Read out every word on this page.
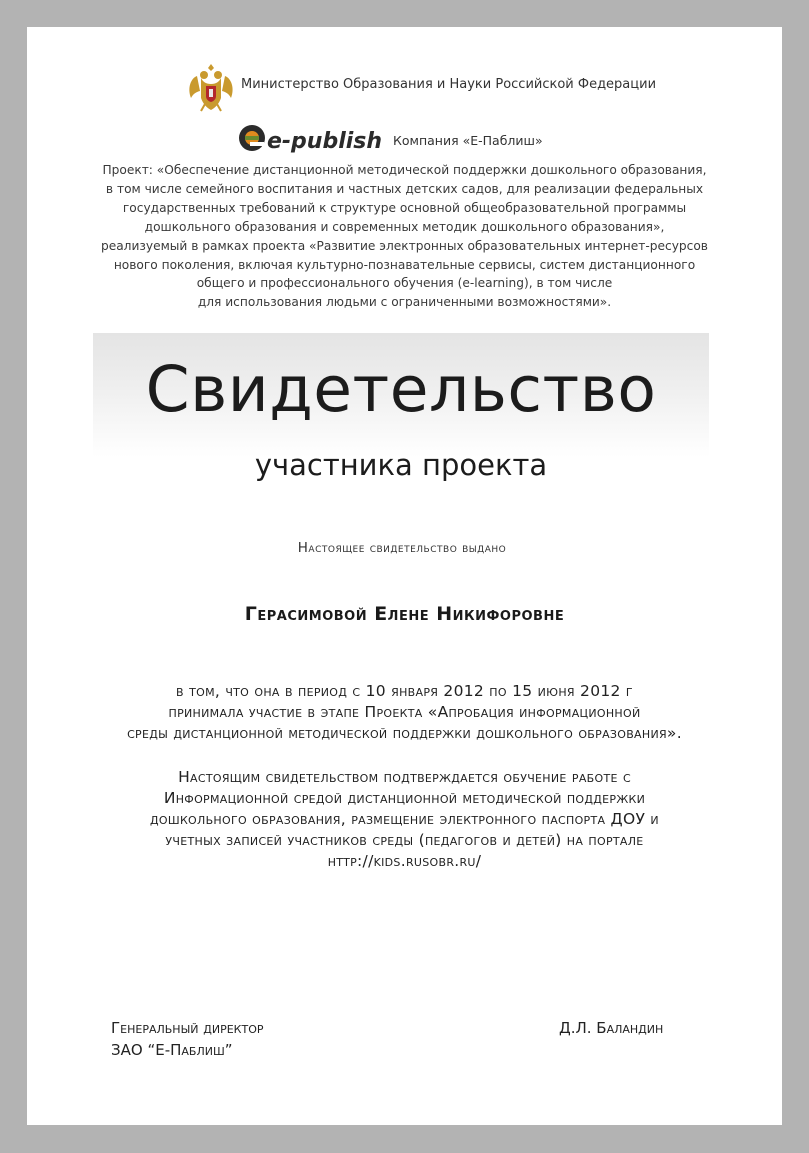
Министерство Образования и Науки Российской Федерации
e-publish Компания «Е-Паблиш»
Проект: «Обеспечение дистанционной методической поддержки дошкольного образования,
в том числе семейного воспитания и частных детских садов, для реализации федеральных
государственных требований к структуре основной общеобразовательной программы
дошкольного образования и современных методик дошкольного образования»,
реализуемый в рамках проекта «Развитие электронных образовательных интернет-ресурсов
нового поколения, включая культурно-познавательные сервисы, систем дистанционного
общего и профессионального обучения (e-learning), в том числе
для использования людьми с ограниченными возможностями».
Свидетельство
участника проекта
Настоящее свидетельство выдано
Герасимовой Елене Никифоровне
в том, что она в период с 10 января 2012 по 15 июня 2012 г
принимала участие в этапе Проекта «Апробация информационной
среды дистанционной методической поддержки дошкольного образования».
Настоящим свидетельством подтверждается обучение работе с
Информационной средой дистанционной методической поддержки
дошкольного образования, размещение электронного паспорта ДОУ и
учетных записей участников среды (педагогов и детей) на портале
http://kids.rusobr.ru/
Генеральный директор
ЗАО “Е-Паблиш”
Д.Л. Баландин
